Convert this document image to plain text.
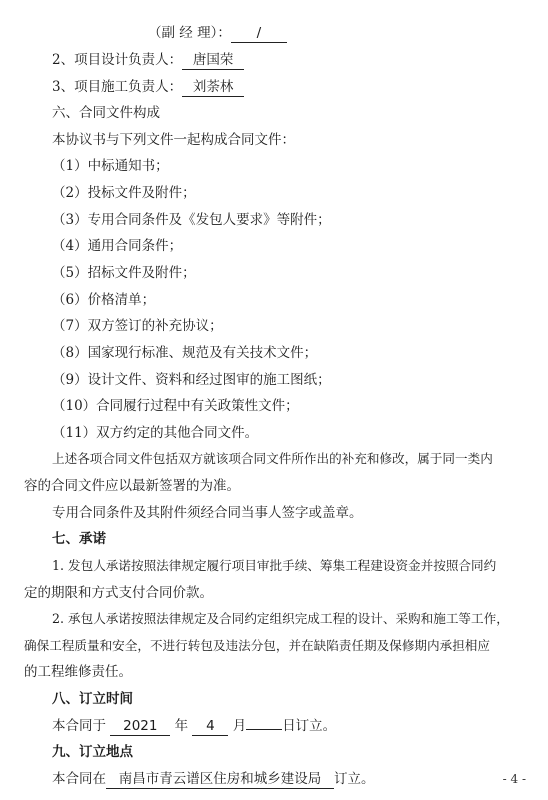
（副 经 理）： /
2、项目设计负责人： 唐国荣
3、项目施工负责人： 刘荼林
六、合同文件构成
本协议书与下列文件一起构成合同文件：
（1）中标通知书；
（2）投标文件及附件；
（3）专用合同条件及《发包人要求》等附件；
（4）通用合同条件；
（5）招标文件及附件；
（6）价格清单；
（7）双方签订的补充协议；
（8）国家现行标准、规范及有关技术文件；
（9）设计文件、资料和经过图审的施工图纸；
（10）合同履行过程中有关政策性文件；
（11）双方约定的其他合同文件。
上述各项合同文件包括双方就该项合同文件所作出的补充和修改，属于同一类内
容的合同文件应以最新签署的为准。
专用合同条件及其附件须经合同当事人签字或盖章。
七、承诺
1. 发包人承诺按照法律规定履行项目审批手续、筹集工程建设资金并按照合同约
定的期限和方式支付合同价款。
2. 承包人承诺按照法律规定及合同约定组织完成工程的设计、采购和施工等工作，
确保工程质量和安全，不进行转包及违法分包，并在缺陷责任期及保修期内承担相应
的工程维修责任。
八、订立时间
本合同于 2021 年 4 月	日订立。
九、订立地点
本合同在 南昌市青云谱区住房和城乡建设局 订立。	- 4 -
